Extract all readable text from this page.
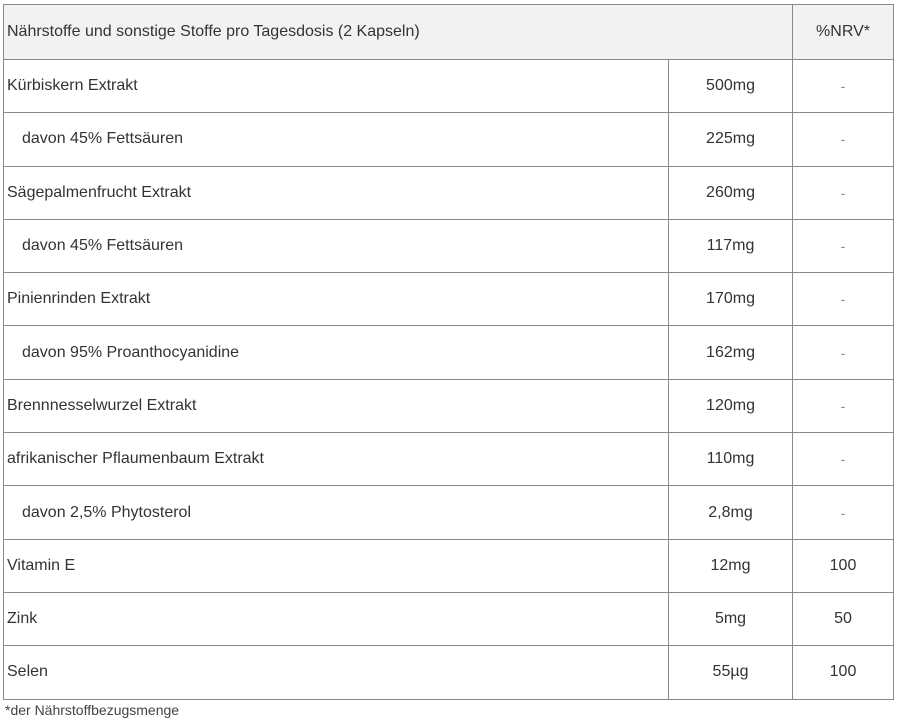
Nährstoffe und sonstige Stoffe pro Tagesdosis (2 Kapseln)		%NRV*
Kürbiskern Extrakt	500mg	-
davon 45% Fettsäuren	225mg	-
Sägepalmenfrucht Extrakt	260mg	-
davon 45% Fettsäuren	117mg	-
Pinienrinden Extrakt	170mg	-
davon 95% Proanthocyanidine	162mg	-
Brennnesselwurzel Extrakt	120mg	-
afrikanischer Pflaumenbaum Extrakt	110mg	-
davon 2,5% Phytosterol	2,8mg	-
Vitamin E	12mg	100
Zink	5mg	50
Selen	55µg	100
*der Nährstoffbezugsmenge
